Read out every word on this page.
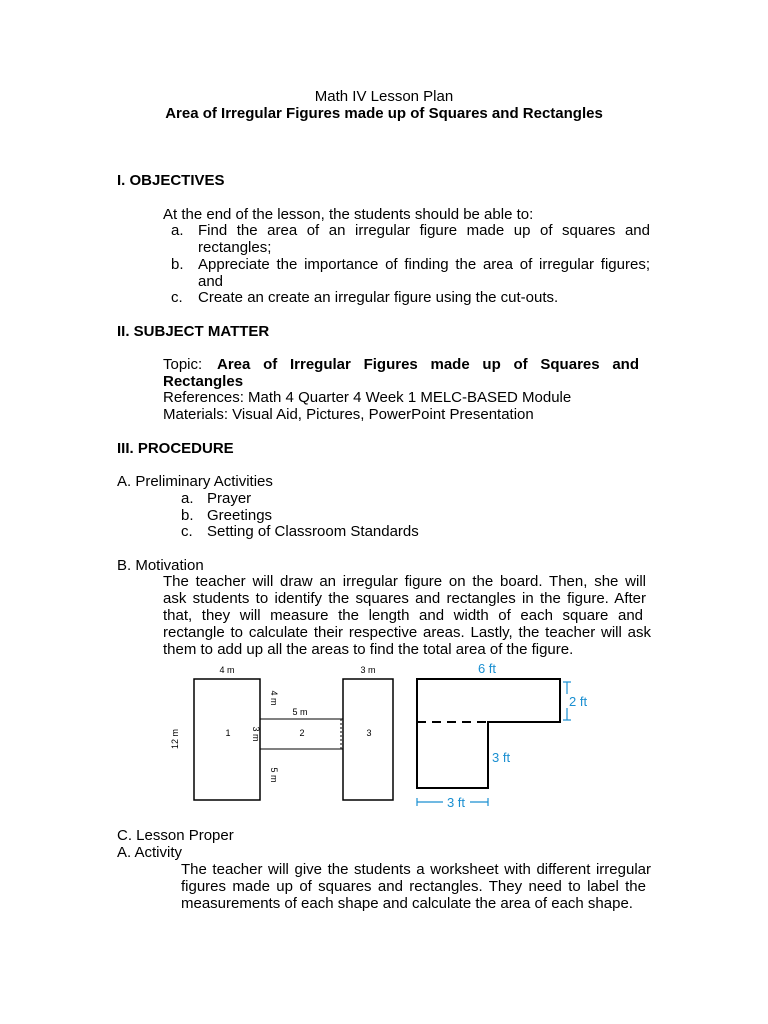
Math IV Lesson Plan
Area of Irregular Figures made up of Squares and Rectangles
I. OBJECTIVES
At the end of the lesson, the students should be able to:
a. Find the area of an irregular figure made up of squares and
rectangles;
b. Appreciate the importance of finding the area of irregular figures;
and
c. Create an create an irregular figure using the cut-outs.
II. SUBJECT MATTER
Topic: Area of Irregular Figures made up of Squares and
Rectangles
References: Math 4 Quarter 4 Week 1 MELC-BASED Module
Materials: Visual Aid, Pictures, PowerPoint Presentation
III. PROCEDURE
A. Preliminary Activities
a. Prayer
b. Greetings
c. Setting of Classroom Standards
B. Motivation
The teacher will draw an irregular figure on the board. Then, she will
ask students to identify the squares and rectangles in the figure. After
that, they will measure the length and width of each square and
rectangle to calculate their respective areas. Lastly, the teacher will ask
them to add up all the areas to find the total area of the figure.
4 m	3 m
5 m
1	2	3
12 m
4 m
3 m
5 m
6 ft
2 ft
3 ft
3 ft
C. Lesson Proper
A. Activity
The teacher will give the students a worksheet with different irregular
figures made up of squares and rectangles. They need to label the
measurements of each shape and calculate the area of each shape.
